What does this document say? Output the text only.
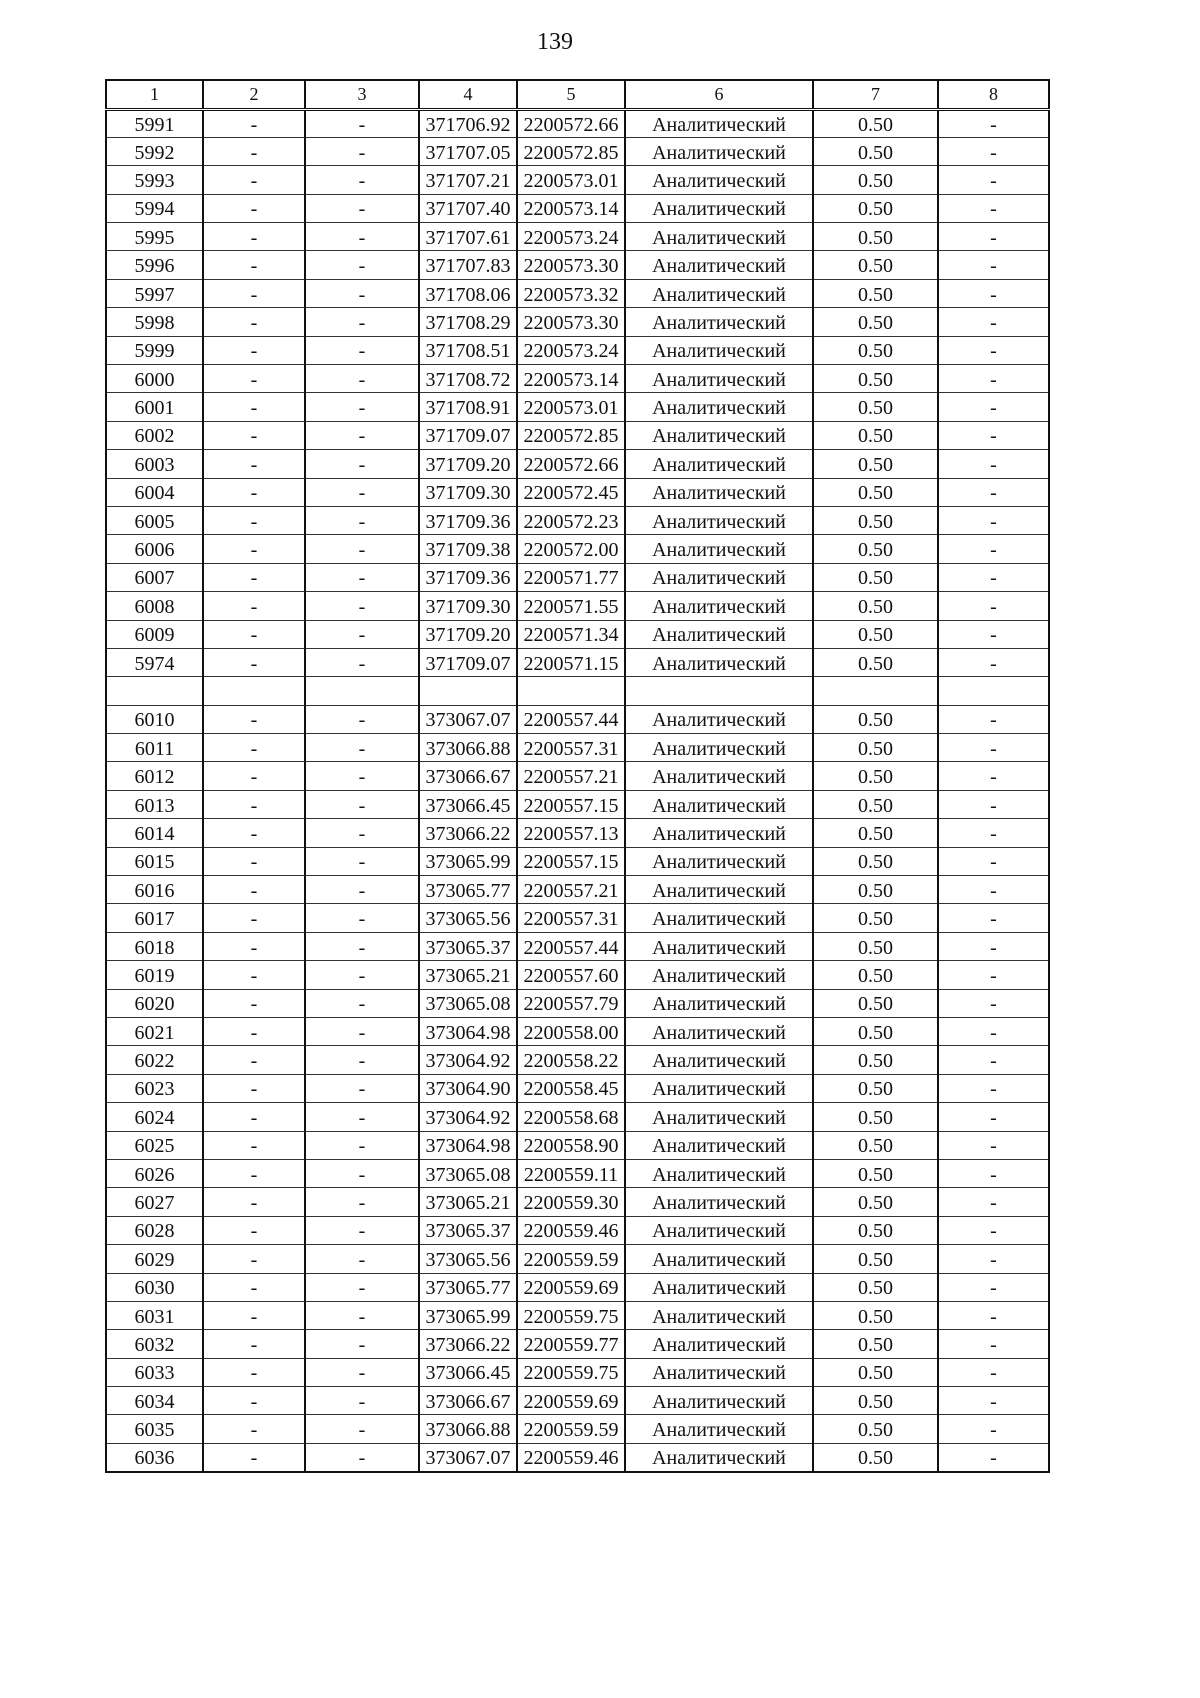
139
1	2	3	4	5	6	7	8
5991	-	-	371706.92	2200572.66	Аналитический	0.50	-
5992	-	-	371707.05	2200572.85	Аналитический	0.50	-
5993	-	-	371707.21	2200573.01	Аналитический	0.50	-
5994	-	-	371707.40	2200573.14	Аналитический	0.50	-
5995	-	-	371707.61	2200573.24	Аналитический	0.50	-
5996	-	-	371707.83	2200573.30	Аналитический	0.50	-
5997	-	-	371708.06	2200573.32	Аналитический	0.50	-
5998	-	-	371708.29	2200573.30	Аналитический	0.50	-
5999	-	-	371708.51	2200573.24	Аналитический	0.50	-
6000	-	-	371708.72	2200573.14	Аналитический	0.50	-
6001	-	-	371708.91	2200573.01	Аналитический	0.50	-
6002	-	-	371709.07	2200572.85	Аналитический	0.50	-
6003	-	-	371709.20	2200572.66	Аналитический	0.50	-
6004	-	-	371709.30	2200572.45	Аналитический	0.50	-
6005	-	-	371709.36	2200572.23	Аналитический	0.50	-
6006	-	-	371709.38	2200572.00	Аналитический	0.50	-
6007	-	-	371709.36	2200571.77	Аналитический	0.50	-
6008	-	-	371709.30	2200571.55	Аналитический	0.50	-
6009	-	-	371709.20	2200571.34	Аналитический	0.50	-
5974	-	-	371709.07	2200571.15	Аналитический	0.50	-

6010	-	-	373067.07	2200557.44	Аналитический	0.50	-
6011	-	-	373066.88	2200557.31	Аналитический	0.50	-
6012	-	-	373066.67	2200557.21	Аналитический	0.50	-
6013	-	-	373066.45	2200557.15	Аналитический	0.50	-
6014	-	-	373066.22	2200557.13	Аналитический	0.50	-
6015	-	-	373065.99	2200557.15	Аналитический	0.50	-
6016	-	-	373065.77	2200557.21	Аналитический	0.50	-
6017	-	-	373065.56	2200557.31	Аналитический	0.50	-
6018	-	-	373065.37	2200557.44	Аналитический	0.50	-
6019	-	-	373065.21	2200557.60	Аналитический	0.50	-
6020	-	-	373065.08	2200557.79	Аналитический	0.50	-
6021	-	-	373064.98	2200558.00	Аналитический	0.50	-
6022	-	-	373064.92	2200558.22	Аналитический	0.50	-
6023	-	-	373064.90	2200558.45	Аналитический	0.50	-
6024	-	-	373064.92	2200558.68	Аналитический	0.50	-
6025	-	-	373064.98	2200558.90	Аналитический	0.50	-
6026	-	-	373065.08	2200559.11	Аналитический	0.50	-
6027	-	-	373065.21	2200559.30	Аналитический	0.50	-
6028	-	-	373065.37	2200559.46	Аналитический	0.50	-
6029	-	-	373065.56	2200559.59	Аналитический	0.50	-
6030	-	-	373065.77	2200559.69	Аналитический	0.50	-
6031	-	-	373065.99	2200559.75	Аналитический	0.50	-
6032	-	-	373066.22	2200559.77	Аналитический	0.50	-
6033	-	-	373066.45	2200559.75	Аналитический	0.50	-
6034	-	-	373066.67	2200559.69	Аналитический	0.50	-
6035	-	-	373066.88	2200559.59	Аналитический	0.50	-
6036	-	-	373067.07	2200559.46	Аналитический	0.50	-
